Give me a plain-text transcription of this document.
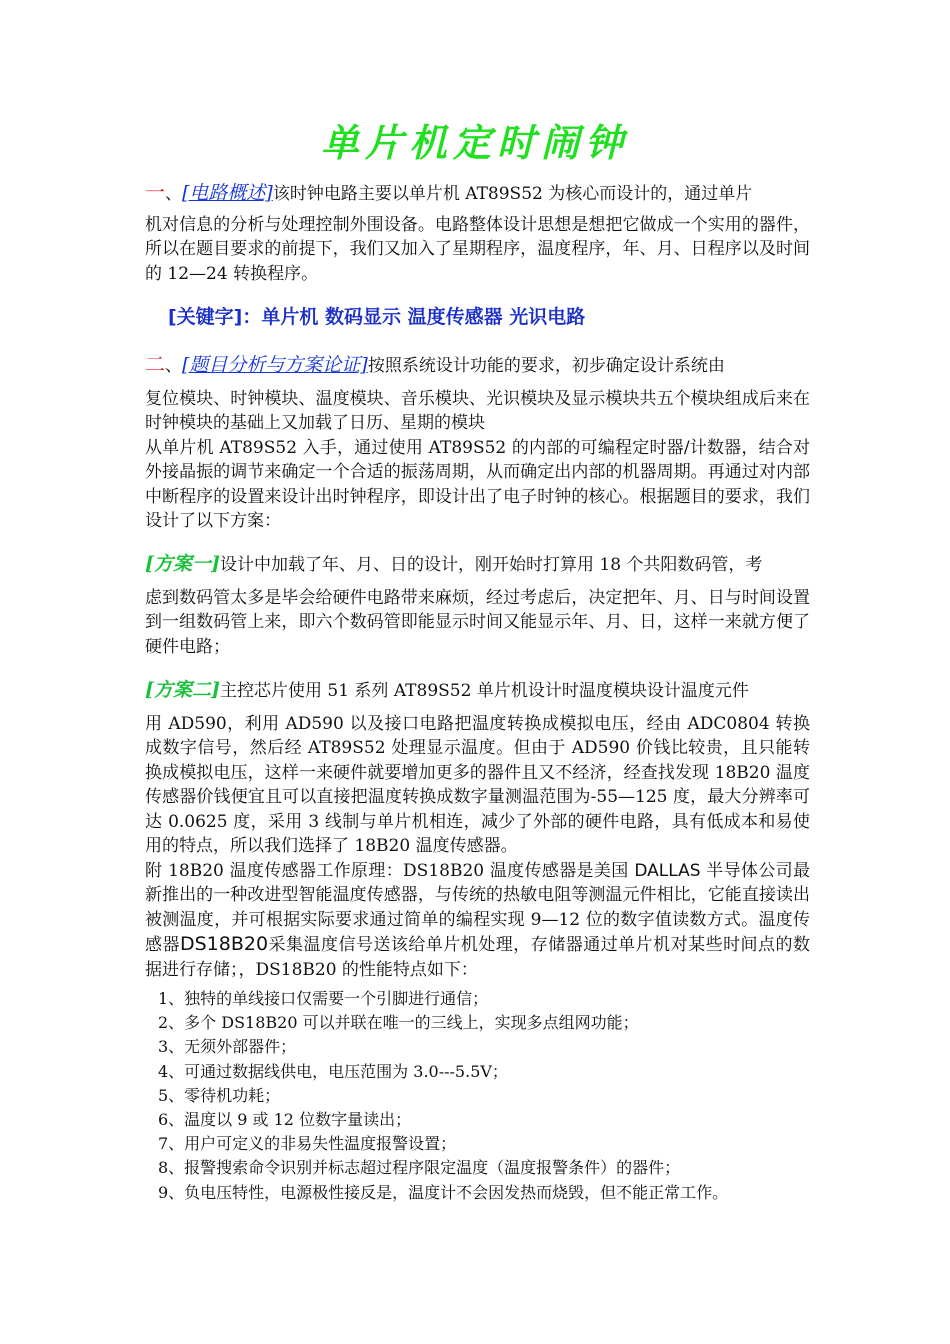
单片机定时闹钟
一、[电路概述]该时钟电路主要以单片机 AT89S52 为核心而设计的，通过单片
机对信息的分析与处理控制外围设备。电路整体设计思想是想把它做成一个实用的器件，所以在题目要求的前提下，我们又加入了星期程序，温度程序，年、月、日程序以及时间的 12—24 转换程序。
[关键字]：单片机 数码显示 温度传感器 光识电路
二、[题目分析与方案论证]按照系统设计功能的要求，初步确定设计系统由
复位模块、时钟模块、温度模块、音乐模块、光识模块及显示模块共五个模块组成后来在时钟模块的基础上又加载了日历、星期的模块
从单片机 AT89S52 入手，通过使用 AT89S52 的内部的可编程定时器/计数器，结合对外接晶振的调节来确定一个合适的振荡周期，从而确定出内部的机器周期。再通过对内部中断程序的设置来设计出时钟程序，即设计出了电子时钟的核心。根据题目的要求，我们设计了以下方案：
[方案一]设计中加载了年、月、日的设计，刚开始时打算用 18 个共阳数码管，考
虑到数码管太多是毕会给硬件电路带来麻烦，经过考虑后，决定把年、月、日与时间设置到一组数码管上来，即六个数码管即能显示时间又能显示年、月、日，这样一来就方便了硬件电路；
[方案二]主控芯片使用 51 系列 AT89S52 单片机设计时温度模块设计温度元件
用 AD590，利用 AD590 以及接口电路把温度转换成模拟电压，经由 ADC0804 转换成数字信号，然后经 AT89S52 处理显示温度。但由于 AD590 价钱比较贵，且只能转换成模拟电压，这样一来硬件就要增加更多的器件且又不经济，经查找发现 18B20 温度传感器价钱便宜且可以直接把温度转换成数字量测温范围为-55—125 度，最大分辨率可达 0.0625 度，采用 3 线制与单片机相连，减少了外部的硬件电路，具有低成本和易使用的特点，所以我们选择了 18B20 温度传感器。
附 18B20 温度传感器工作原理：DS18B20 温度传感器是美国 DALLAS 半导体公司最新推出的一种改进型智能温度传感器，与传统的热敏电阻等测温元件相比，它能直接读出被测温度，并可根据实际要求通过简单的编程实现 9—12 位的数字值读数方式。温度传感器DS18B20采集温度信号送该给单片机处理，存储器通过单片机对某些时间点的数据进行存储；，DS18B20 的性能特点如下：
1、独特的单线接口仅需要一个引脚进行通信；
2、多个 DS18B20 可以并联在唯一的三线上，实现多点组网功能；
3、无须外部器件；
4、可通过数据线供电，电压范围为 3.0---5.5V；
5、零待机功耗；
6、温度以 9 或 12 位数字量读出；
7、用户可定义的非易失性温度报警设置；
8、报警搜索命令识别并标志超过程序限定温度（温度报警条件）的器件；
9、负电压特性，电源极性接反是，温度计不会因发热而烧毁，但不能正常工作。
